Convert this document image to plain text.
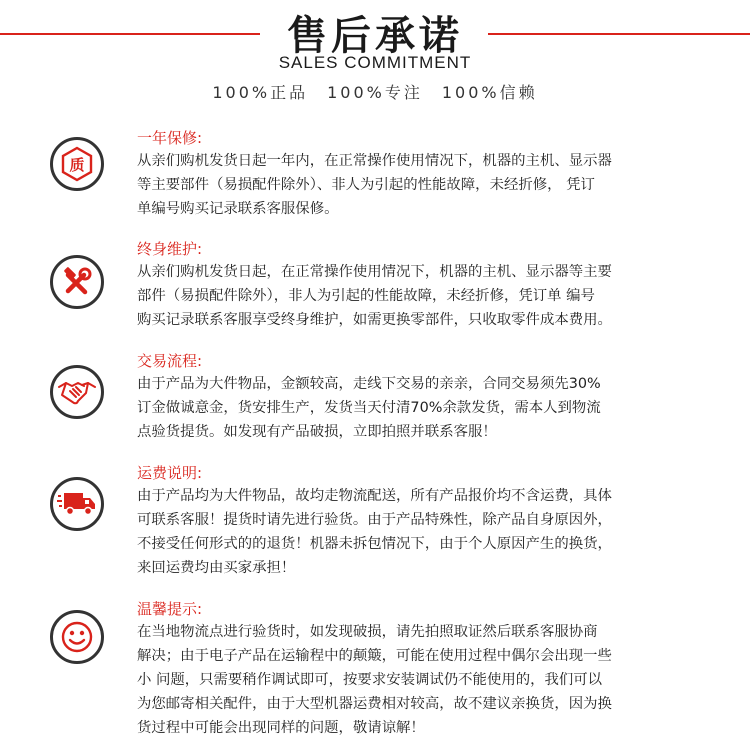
售后承诺
SALES COMMITMENT
100%正品　100%专注　100%信赖
质
一年保修:

从亲们购机发货日起一年内，在正常操作使用情况下，机器的主机、显示器

等主要部件（易损配件除外）、非人为引起的性能故障，未经折修， 凭订

单编号购买记录联系客服保修。

终身维护:

从亲们购机发货日起，在正常操作使用情况下，机器的主机、显示器等主要

部件（易损配件除外），非人为引起的性能故障，未经折修，凭订单 编号

购买记录联系客服享受终身维护，如需更换零部件，只收取零件成本费用。

交易流程:

由于产品为大件物品，金额较高，走线下交易的亲亲，合同交易须先30%

订金做诚意金，货安排生产，发货当天付清70%余款发货，需本人到物流

点验货提货。如发现有产品破损，立即拍照并联系客服！

运费说明:

由于产品均为大件物品，故均走物流配送，所有产品报价均不含运费，具体

可联系客服！提货时请先进行验货。由于产品特殊性，除产品自身原因外，

不接受任何形式的的退货！机器未拆包情况下，由于个人原因产生的换货，

来回运费均由买家承担！

温馨提示:

在当地物流点进行验货时，如发现破损，请先拍照取证然后联系客服协商

解决；由于电子产品在运输程中的颠簸，可能在使用过程中偶尔会出现一些

小 问题，只需要稍作调试即可，按要求安装调试仍不能使用的，我们可以

为您邮寄相关配件，由于大型机器运费相对较高，故不建议亲换货，因为换

货过程中可能会出现同样的问题，敬请谅解！
